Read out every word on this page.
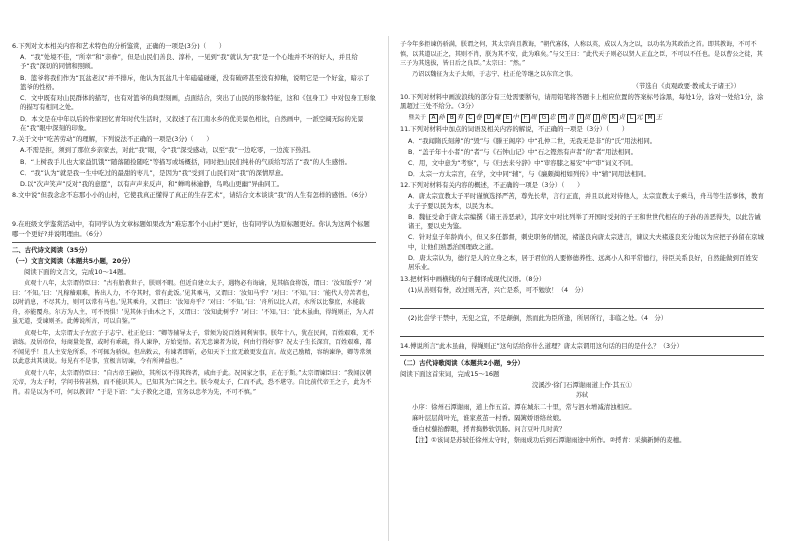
6.下列对文本相关内容和艺术特色的分析鉴赏，正确的一项是(3分)（　　）

A．“我”处境不佳，“所幸”和“亲眷”，但是山民们善良、淳朴，一见到“我”就认为“我”是一个心地并不坏的好人，并且给予“我”深切的同情和照顾。

B．篮爷将我们作为“瓦盆老汉”并不排斥，他认为瓦盆几十年磕磕碰碰，没有破碎甚至没有掉釉，说明它是一个好盆，暗示了篮爷的性格。

C．文中既有对山民群体的描写，也有对篮爷的典型刻画，点面结合，突出了山民的形象特征，这和《包身工》中对包身工形象的描写有相同之处。

D．本文是在中年以后的作家回忆青年时代生活时，又叙述了在江南水乡的优美景色相比，自然画中，一派空阔无际的光景在“我”眼中深刻的印象。

7.关于文中“吃苦劳动”的理解，下列说法不正确的一项是(3分)（　　）

A.不需是拒，须到了那位乡亲家去，对此“我”眼，令“我”深受感动，以至“我”一边吃零，一边流下热泪。

B．“上树我手儿也大家益饥饿”“随落随捡随吃”等描写或场概括，同时把山民们纯朴的气质给写活了“我”的人生感悟。

C．“我”认为“就是我一生中吃过的最甜的枣儿”，是因为“我”受到了山民们对“我”的深情厚意。

D.以“次声笑声”反对“我的意愿”，以有声声来反声，和“蝉鸣林逾静，鸟鸣山更幽”异曲同工。

8.文中说“但我念念不忘那小小的山村，它使我真正懂得了真正的生存艺术”，请结合文本谈谈“我”的人生有怎样的感悟。（6分）

9.在班级文学鉴赏活动中，有同学认为文章标题如果改为“难忘那个小山村”更好，也有同学认为原标题更好。你认为这两个标题哪一个更好?并说明理由。（6分）

二、古代诗文阅读（35分）

（一）文言文阅读（本题共5小题，20分）

阅读下面的文言文，完成10～14题。

贞观十八年，太宗谓侍臣曰：“古有胎教世子，朕则不暇。但近自建立太子，遇物必有诲谕，见其临食将饭，谓曰：‘汝知饭乎？’对曰：‘不知。’曰：‘凡稼穑艰难，皆出人力，不夺其时，常有此饭。’见其乘马，又谓曰：‘汝知马乎？’对曰：‘不知。’曰：‘能代人劳苦者也，以时消息，不尽其力，则可以常有马也。’见其乘舟，又谓曰：‘汝知舟乎？’对曰：‘不知。’曰：‘舟所以比人君，水所以比黎庶，水能载舟，亦能覆舟。尔方为人主，可不畏惧！’见其休于曲木之下，又谓曰：‘汝知此树乎？’对曰：‘不知。’曰：‘此木虽曲，得绳则正，为人君虽无道，受谏则圣。此傅说所言，可以自鉴。’”

贞观七年，太宗谓太子左庶子于志宁、杜正伦曰：“卿等辅导太子，常须为说百姓间利害事。朕年十八，犹在民间，百姓艰难，无不谙练。及居帝位，每商量处置，或时有乖疏，得人谏诤，方始觉悟。若无忠谏者为说，何由行得好事？况太子生长深宫，百姓艰难，都不闻见乎！且人主安危所系，不可辄为骄纵。但出敕云，有谏者即斩，必知天下士庶无敢更发直言。故克己励精，容纳谏诤，卿等常须以此意共其谈说。每见有不是事，宜极言切谏，令有所裨益也。”

贞观十八年，太宗谓侍臣曰：“自古帝王嗣位，其所以不得其终者，咸由于此。况国家之事，正在于斯。”太宗谓谏臣曰：“我闻汉朝元帝，为太子时，学问书传甚熟，而不能识其人，已知其为亡国之主。朕今观太子，仁而不武，恐不堪守。自比前代帝王之子，此为不肖。若是以为不可，何以教训？”于是下诏：“太子教化之道，宜务以忠孝为先，不可不慎。”

子今年多拒谏仍骄满，朕谓之何，其太宗尚且教诲，“朝代寡体，人称以英，成以人为之以，以功名为其政治之首。即其教诲，不可不慎，以其道以正之，其则不肖，朕为其不安，此为难矣。”与父王曰：“此代天子则必以贤人正直之臣，不可以不任也。是以曹公之徒，其三子为其选拔，皆日后之良臣。”太宗曰：“然。”

乃诏以魏征为太子太师，于志宁、杜正伦等继之以东宫之事。

（节选自《贞观政要·教戒太子诸王》）

10.下列对材料中画波浪线的部分有三处需要断句，请用铅笔将答题卡上相应位置的答案标号涂黑，每处1分，涂对一处给1分，涂黑超过三处不给分。（3分）

暨关于 A 孙 B 有 C 卷 D 魔 E 中 F 周 G 忠 H 言 I 贯 J 彻 K 贞 L 元 M 王

11.下列对材料中加点的词语及相关内容的解说，不正确的一项是（3分）（　　）

A．“我闻隋氏刻薄”的“毁”与《滕王阁序》中“孔仲二世，无我无是非”的“氏”用法相同。

B．“盖子年十小者”的“者”与《石钟山记》中“石之铿然有声者”的“者”用法相同。

C．用，文中意为“考察”，与《归去来兮辞》中“审容膝之易安”中“审”词义不同。

D．太宗一方太宗宫，在学，文中同“辅”，与《廉颇蔺相如列传》中“辅”同用法相同。

12.下列对材料有关内容的概述，不正确的一项是（3分）（　　）

A．唐太宗宣教太子平时谨慎选择严苦，尊先长辈，言行正直，并且以此对待他人，太宗宣教太子乘马，舟马等生活事体，教育太子子要以民为本，以民为本。

B．魏征受命于唐太宗编撰《诸王善恶录》，其序文中对比列举了开国时受封的子王和世世代相在的子孙的善恶得失，以此告诫诸王，要以史为鉴。

C．针对皇子年龄尚小，但又多任都督，刺史职务的情况，褚遂良向唐太宗进言，谏议大夫褚遂良充分地以为应把子孙留在京城中，让他们熟悉治国理政之道。

D．唐太宗认为，德行是人的立身之本，居于君位的人要修德养性、远离小人和平常德行，待臣关系良好，自然能做到百姓安居乐业。

13.把材料中画横线的句子翻译成现代汉语。（8分）

(1)从善则有誉，改过则无吝，兴亡是系，可不勉欤！（4　分）

(2)比尝学干禁中，无犯之宜，不是颠倒，然而此为臣所逢，所居所行，非临之处。（4　分）

14.傅说所言“此木虽曲，得绳则正”这句话给你什么道理？唐太宗谓用这句话的目的是什么？（3分）

（二）古代诗歌阅读（本题共2小题，9分）

阅读下面这首宋词，完成15～16题

浣溪沙·徐门石潭谢雨道上作·其五①

苏轼

小序：徐州石潭谢雨，道上作五首。潭在城东二十里，常与泗水增减清浊相应。

麻叶层层苘叶光，谁家煮茧一村香。隔篱娇语络丝娘。

垂白杖藜抬醉眼，捋青捣麨软饥肠。问言豆叶几时黄？

【注】①该词是苏轼任徐州太守时，祭雨成功后到石潭谢雨途中所作。②捋青：采摘新鲜的麦穗。
